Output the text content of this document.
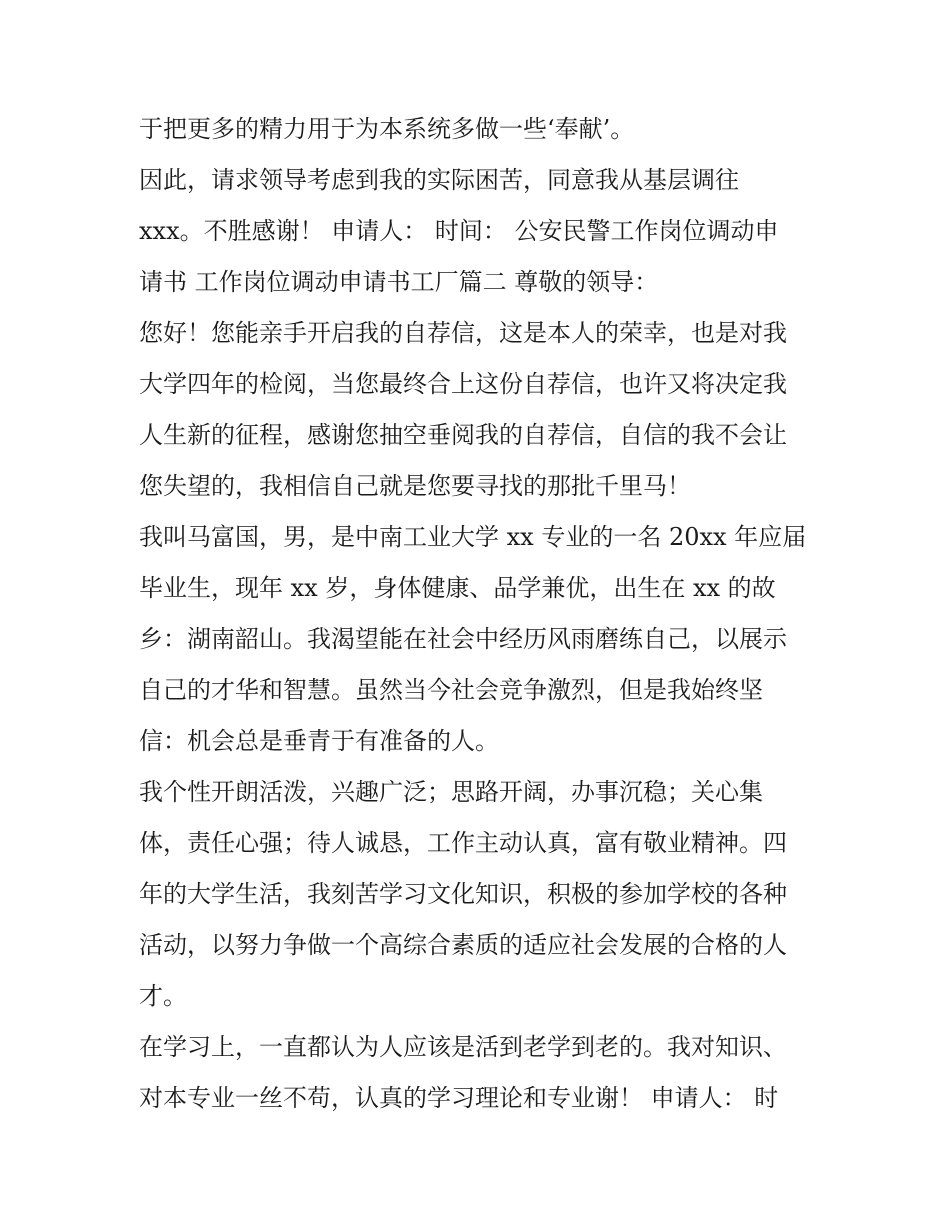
于把更多的精力用于为本系统多做一些‘奉献’。
因此，请求领导考虑到我的实际困苦，同意我从基层调往
xxx。不胜感谢！ 申请人： 时间： 公安民警工作岗位调动申
请书 工作岗位调动申请书工厂篇二 尊敬的领导：
您好！您能亲手开启我的自荐信，这是本人的荣幸，也是对我
大学四年的检阅，当您最终合上这份自荐信，也许又将决定我
人生新的征程，感谢您抽空垂阅我的自荐信，自信的我不会让
您失望的，我相信自己就是您要寻找的那批千里马！
我叫马富国，男，是中南工业大学 xx 专业的一名 20xx 年应届
毕业生，现年 xx 岁，身体健康、品学兼优，出生在 xx 的故
乡：湖南韶山。我渴望能在社会中经历风雨磨练自己，以展示
自己的才华和智慧。虽然当今社会竞争激烈，但是我始终坚
信：机会总是垂青于有准备的人。
我个性开朗活泼，兴趣广泛；思路开阔，办事沉稳；关心集
体，责任心强；待人诚恳，工作主动认真，富有敬业精神。四
年的大学生活，我刻苦学习文化知识，积极的参加学校的各种
活动，以努力争做一个高综合素质的适应社会发展的合格的人
才。
在学习上，一直都认为人应该是活到老学到老的。我对知识、
对本专业一丝不苟，认真的学习理论和专业谢！ 申请人： 时
